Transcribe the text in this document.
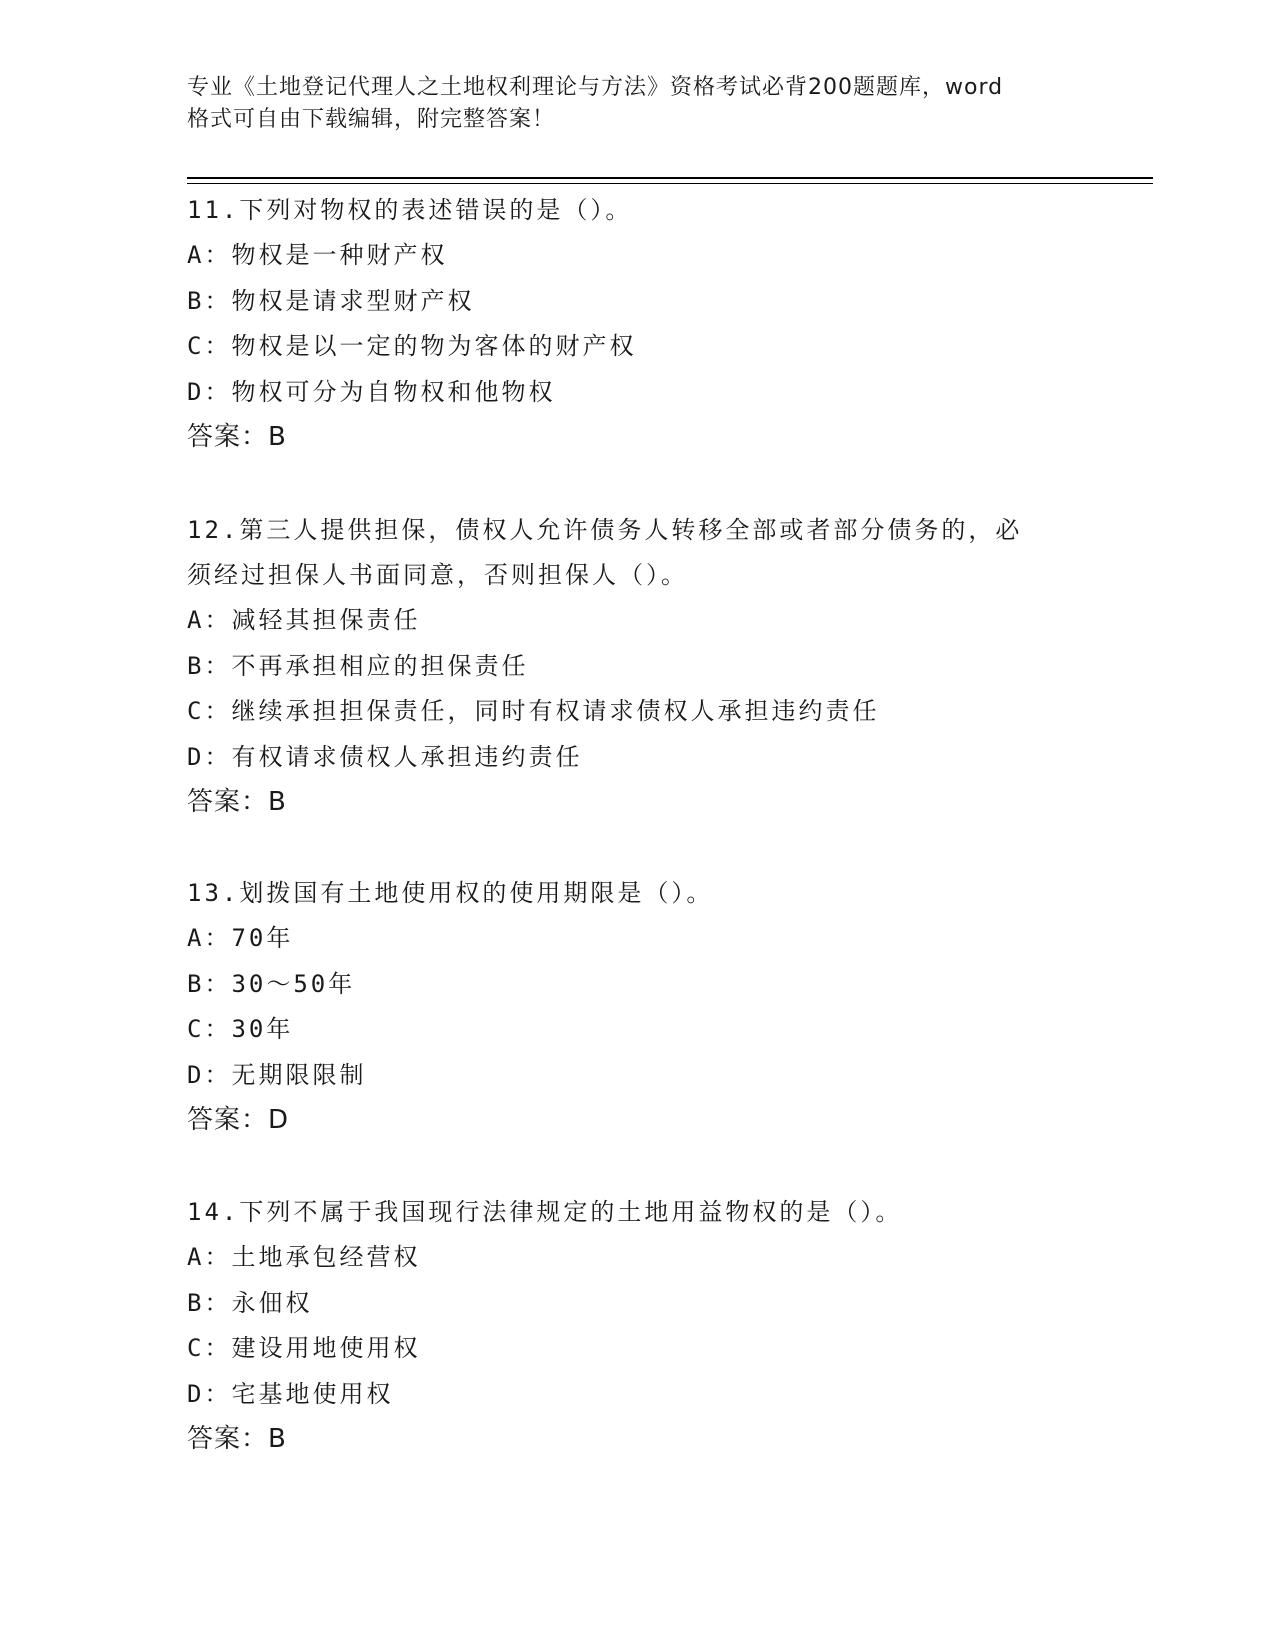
专业《土地登记代理人之土地权利理论与方法》资格考试必背200题题库，word
格式可自由下载编辑，附完整答案！

11.下列对物权的表述错误的是（）。

A：物权是一种财产权

B：物权是请求型财产权

C：物权是以一定的物为客体的财产权

D：物权可分为自物权和他物权

答案：B

12.第三人提供担保，债权人允许债务人转移全部或者部分债务的，必

须经过担保人书面同意，否则担保人（）。

A：减轻其担保责任

B：不再承担相应的担保责任

C：继续承担担保责任，同时有权请求债权人承担违约责任

D：有权请求债权人承担违约责任

答案：B

13.划拨国有土地使用权的使用期限是（）。

A：70年

B：30～50年

C：30年

D：无期限限制

答案：D

14.下列不属于我国现行法律规定的土地用益物权的是（）。

A：土地承包经营权

B：永佃权

C：建设用地使用权

D：宅基地使用权

答案：B
